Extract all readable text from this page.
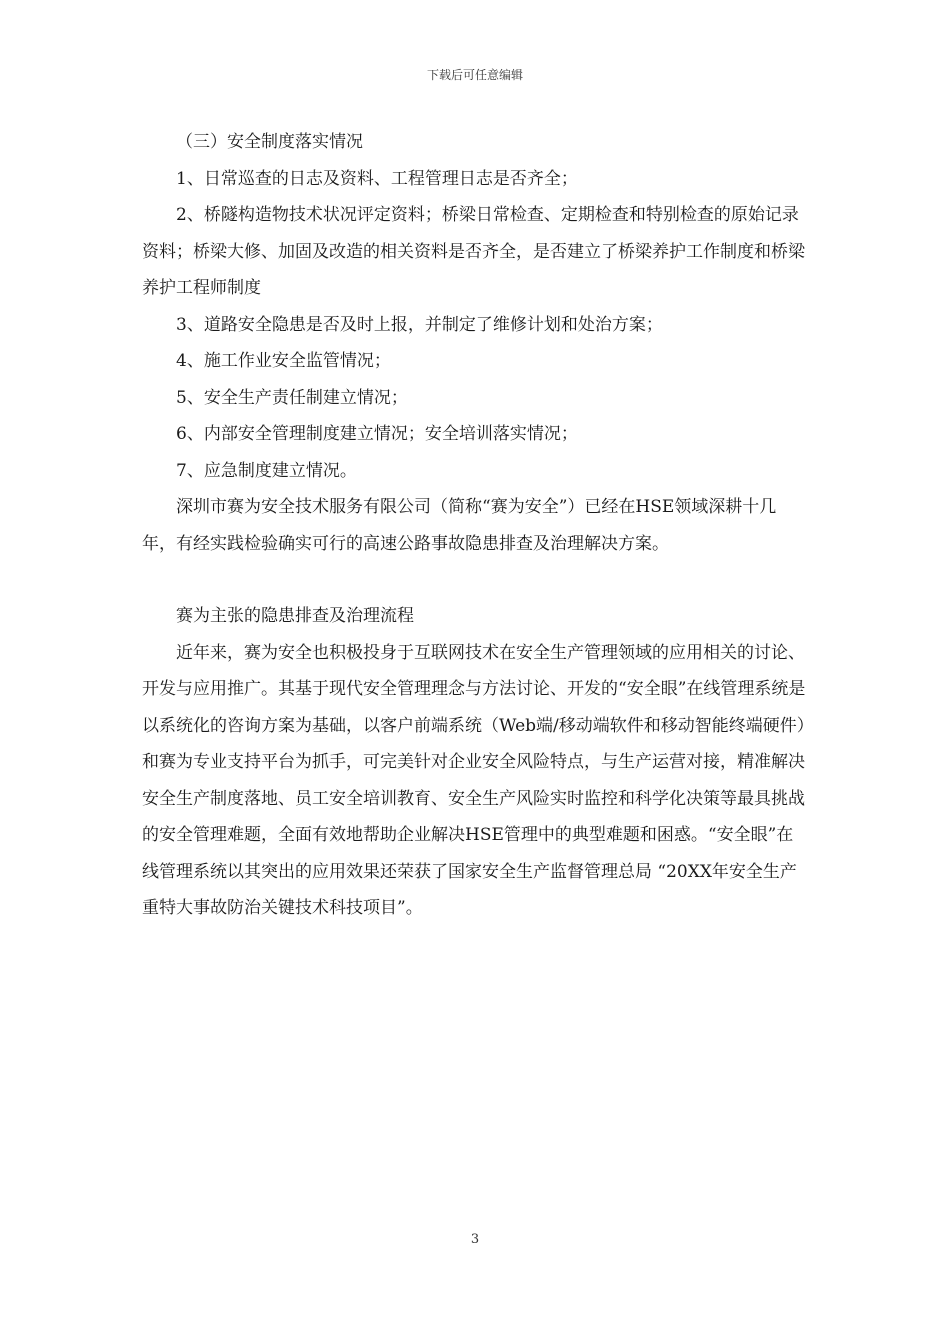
下载后可任意编辑

（三）安全制度落实情况

1、日常巡查的日志及资料、工程管理日志是否齐全；

2、桥隧构造物技术状况评定资料；桥梁日常检查、定期检查和特别检查的原始记录资料；桥梁大修、加固及改造的相关资料是否齐全，是否建立了桥梁养护工作制度和桥梁养护工程师制度

3、道路安全隐患是否及时上报，并制定了维修计划和处治方案；

4、施工作业安全监管情况；

5、安全生产责任制建立情况；

6、内部安全管理制度建立情况；安全培训落实情况；

7、应急制度建立情况。

深圳市赛为安全技术服务有限公司（简称“赛为安全”）已经在HSE领域深耕十几年，有经实践检验确实可行的高速公路事故隐患排查及治理解决方案。

赛为主张的隐患排查及治理流程

近年来，赛为安全也积极投身于互联网技术在安全生产管理领域的应用相关的讨论、开发与应用推广。其基于现代安全管理理念与方法讨论、开发的“安全眼”在线管理系统是以系统化的咨询方案为基础，以客户前端系统（Web端/移动端软件和移动智能终端硬件）和赛为专业支持平台为抓手，可完美针对企业安全风险特点，与生产运营对接，精准解决安全生产制度落地、员工安全培训教育、安全生产风险实时监控和科学化决策等最具挑战的安全管理难题，全面有效地帮助企业解决HSE管理中的典型难题和困惑。“安全眼”在线管理系统以其突出的应用效果还荣获了国家安全生产监督管理总局 “20XX年安全生产重特大事故防治关键技术科技项目”。

3
